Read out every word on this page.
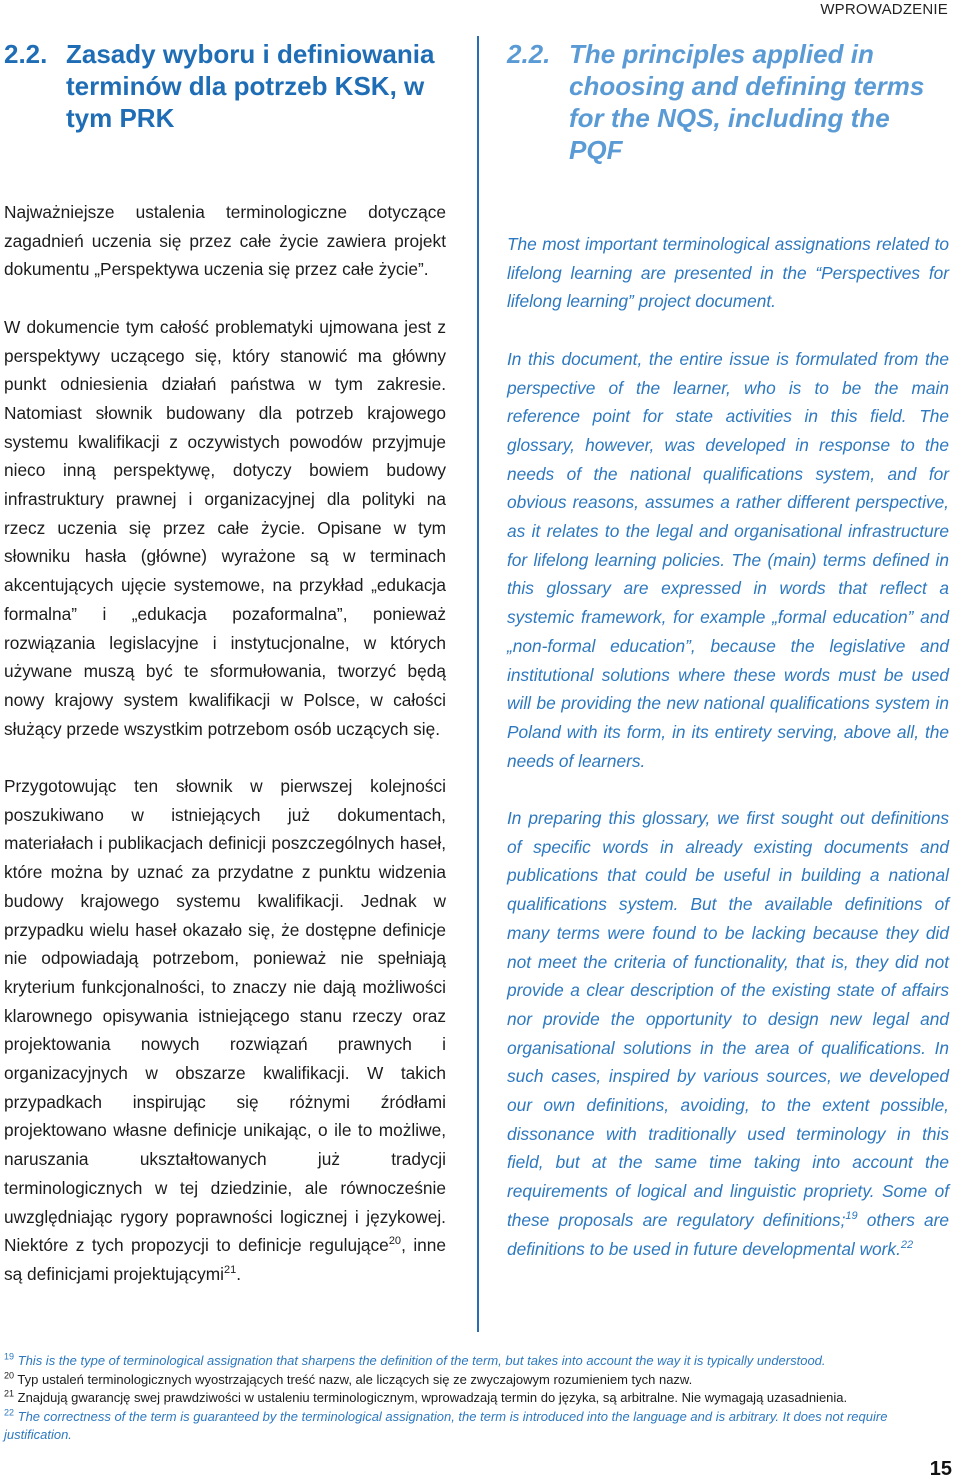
WPROWADZENIE
2.2. Zasady wyboru i definiowania terminów dla potrzeb KSK, w tym PRK

Najważniejsze ustalenia terminologiczne dotyczące zagadnień uczenia się przez całe życie zawiera projekt dokumentu „Perspektywa uczenia się przez całe życie”.

W dokumencie tym całość problematyki ujmowana jest z perspektywy uczącego się, który stanowić ma główny punkt odniesienia działań państwa w tym zakresie. Natomiast słownik budowany dla potrzeb krajowego systemu kwalifikacji z oczywistych powodów przyjmuje nieco inną perspektywę, dotyczy bowiem budowy infrastruktury prawnej i organizacyjnej dla polityki na rzecz uczenia się przez całe życie. Opisane w tym słowniku hasła (główne) wyrażone są w terminach akcentujących ujęcie systemowe, na przykład „edukacja formalna” i „edukacja pozaformalna”, ponieważ rozwiązania legislacyjne i instytucjonalne, w których używane muszą być te sformułowania, tworzyć będą nowy krajowy system kwalifikacji w Polsce, w całości służący przede wszystkim potrzebom osób uczących się.

Przygotowując ten słownik w pierwszej kolejności poszukiwano w istniejących już dokumentach, materiałach i publikacjach definicji poszczególnych haseł, które można by uznać za przydatne z punktu widzenia budowy krajowego systemu kwalifikacji. Jednak w przypadku wielu haseł okazało się, że dostępne definicje nie odpowiadają potrzebom, ponieważ nie spełniają kryterium funkcjonalności, to znaczy nie dają możliwości klarownego opisywania istniejącego stanu rzeczy oraz projektowania nowych rozwiązań prawnych i organizacyjnych w obszarze kwalifikacji. W takich przypadkach inspirując się różnymi źródłami projektowano własne definicje unikając, o ile to możliwe, naruszania ukształtowanych już tradycji terminologicznych w tej dziedzinie, ale równocześnie uwzględniając rygory poprawności logicznej i językowej. Niektóre z tych propozycji to definicje regulujące$^{20}$, inne są definicjami projektującymi$^{21}$.

2.2. The principles applied in choosing and defining terms for the NQS, including the PQF

The most important terminological assignations related to lifelong learning are presented in the “Perspectives for lifelong learning” project document.

In this document, the entire issue is formulated from the perspective of the learner, who is to be the main reference point for state activities in this field. The glossary, however, was developed in response to the needs of the national qualifications system, and for obvious reasons, assumes a rather different perspective, as it relates to the legal and organisational infrastructure for lifelong learning policies. The (main) terms defined in this glossary are expressed in words that reflect a systemic framework, for example „formal education” and „non-formal education”, because the legislative and institutional solutions where these words must be used will be providing the new national qualifications system in Poland with its form, in its entirety serving, above all, the needs of learners.

In preparing this glossary, we first sought out definitions of specific words in already existing documents and publications that could be useful in building a national qualifications system. But the available definitions of many terms were found to be lacking because they did not meet the criteria of functionality, that is, they did not provide a clear description of the existing state of affairs nor provide the opportunity to design new legal and organisational solutions in the area of qualifications. In such cases, inspired by various sources, we developed our own definitions, avoiding, to the extent possible, dissonance with traditionally used terminology in this field, but at the same time taking into account the requirements of logical and linguistic propriety. Some of these proposals are regulatory definitions;$^{19}$ others are definitions to be used in future developmental work.$^{22}$

$^{19}$ This is the type of terminological assignation that sharpens the definition of the term, but takes into account the way it is typically understood.

$^{20}$ Typ ustaleń terminologicznych wyostrzających treść nazw, ale liczących się ze zwyczajowym rozumieniem tych nazw.

$^{21}$ Znajdują gwarancję swej prawdziwości w ustaleniu terminologicznym, wprowadzają termin do języka, są arbitralne. Nie wymagają uzasadnienia.

$^{22}$ The correctness of the term is guaranteed by the terminological assignation, the term is introduced into the language and is arbitrary. It does not require justification.

15
